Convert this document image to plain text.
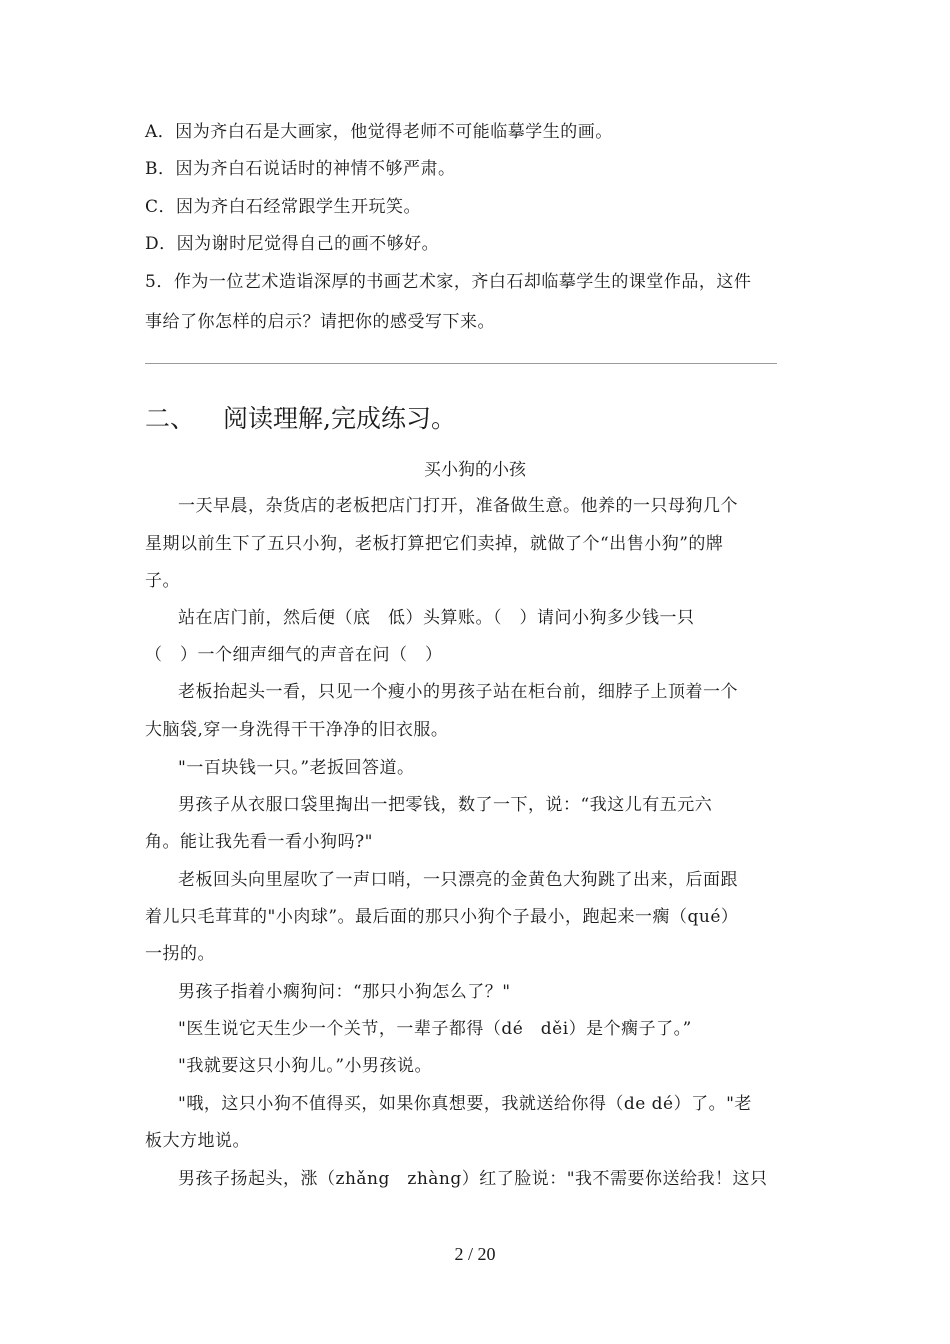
A．因为齐白石是大画家，他觉得老师不可能临摹学生的画。
B．因为齐白石说话时的神情不够严肃。
C．因为齐白石经常跟学生开玩笑。
D．因为谢时尼觉得自己的画不够好。
5．作为一位艺术造诣深厚的书画艺术家，齐白石却临摹学生的课堂作品，这件
事给了你怎样的启示？请把你的感受写下来。
二、 阅读理解,完成练习。
买小狗的小孩
一天早晨，杂货店的老板把店门打开，准备做生意。他养的一只母狗几个
星期以前生下了五只小狗，老板打算把它们卖掉，就做了个“出售小狗”的牌
子。
站在店门前，然后便（底　低）头算账。（　）请问小狗多少钱一只
（　）一个细声细气的声音在问（　）
老板抬起头一看，只见一个瘦小的男孩子站在柜台前，细脖子上顶着一个
大脑袋,穿一身洗得干干净净的旧衣服。
"一百块钱一只。”老扳回答道。
男孩子从衣服口袋里掏出一把零钱，数了一下，说：“我这儿有五元六
角。能让我先看一看小狗吗?"
老板回头向里屋吹了一声口哨，一只漂亮的金黄色大狗跳了出来，后面跟
着儿只毛茸茸的"小肉球”。最后面的那只小狗个子最小，跑起来一瘸（qué）
一拐的。
男孩子指着小瘸狗问：“那只小狗怎么了？"
"医生说它天生少一个关节，一辈子都得（dé　děi）是个瘸子了。”
"我就要这只小狗儿。”小男孩说。
"哦，这只小狗不值得买，如果你真想要，我就送给你得（de dé）了。"老
板大方地说。
男孩子扬起头，涨（zhǎng　zhàng）红了脸说："我不需要你送给我！这只
2 / 20
